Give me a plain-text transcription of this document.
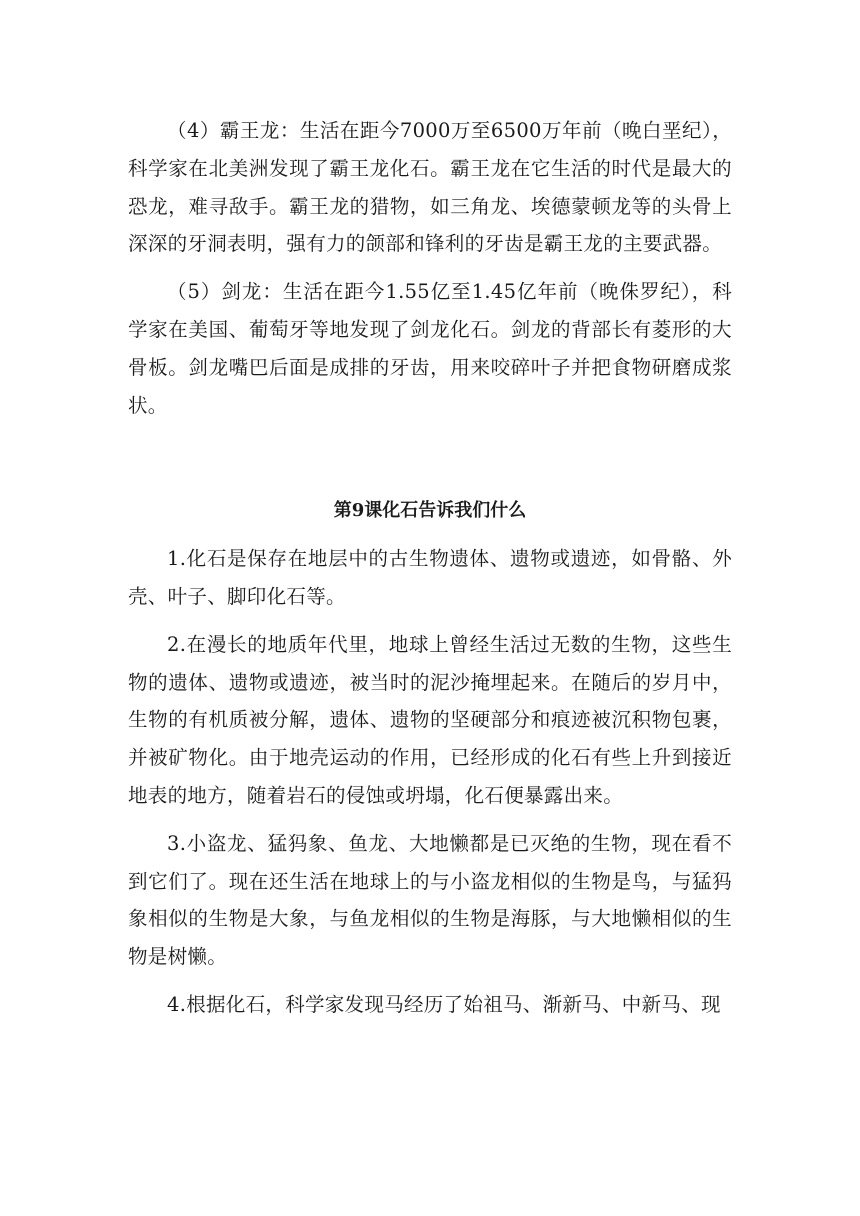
（4）霸王龙：生活在距今7000万至6500万年前（晚白垩纪），科学家在北美洲发现了霸王龙化石。霸王龙在它生活的时代是最大的恐龙，难寻敌手。霸王龙的猎物，如三角龙、埃德蒙顿龙等的头骨上深深的牙洞表明，强有力的颌部和锋利的牙齿是霸王龙的主要武器。

（5）剑龙：生活在距今1.55亿至1.45亿年前（晚侏罗纪），科学家在美国、葡萄牙等地发现了剑龙化石。剑龙的背部长有菱形的大骨板。剑龙嘴巴后面是成排的牙齿，用来咬碎叶子并把食物研磨成浆状。

第9课化石告诉我们什么

1.化石是保存在地层中的古生物遗体、遗物或遗迹，如骨骼、外壳、叶子、脚印化石等。

2.在漫长的地质年代里，地球上曾经生活过无数的生物，这些生物的遗体、遗物或遗迹，被当时的泥沙掩埋起来。在随后的岁月中，生物的有机质被分解，遗体、遗物的坚硬部分和痕迹被沉积物包裹，并被矿物化。由于地壳运动的作用，已经形成的化石有些上升到接近地表的地方，随着岩石的侵蚀或坍塌，化石便暴露出来。

3.小盗龙、猛犸象、鱼龙、大地懒都是已灭绝的生物，现在看不到它们了。现在还生活在地球上的与小盗龙相似的生物是鸟，与猛犸象相似的生物是大象，与鱼龙相似的生物是海豚，与大地懒相似的生物是树懒。

4.根据化石，科学家发现马经历了始祖马、渐新马、中新马、现
